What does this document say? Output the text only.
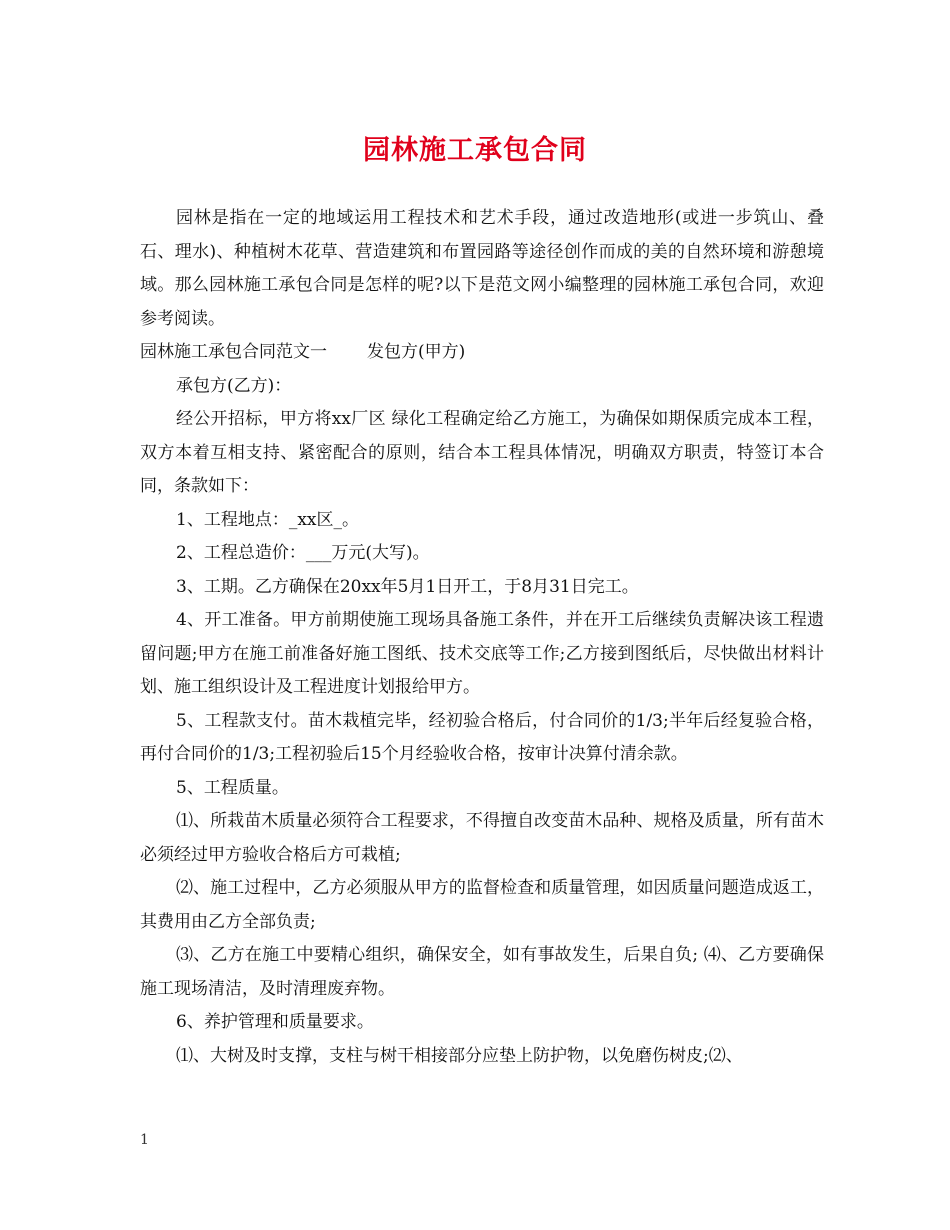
园林施工承包合同

园林是指在一定的地域运用工程技术和艺术手段，通过改造地形(或进一步筑山、叠石、理水)、种植树木花草、营造建筑和布置园路等途径创作而成的美的自然环境和游憩境域。那么园林施工承包合同是怎样的呢?以下是范文网小编整理的园林施工承包合同，欢迎参考阅读。

园林施工承包合同范文一 发包方(甲方)

承包方(乙方)：

经公开招标，甲方将xx厂区 绿化工程确定给乙方施工，为确保如期保质完成本工程，双方本着互相支持、紧密配合的原则，结合本工程具体情况，明确双方职责，特签订本合同，条款如下：

1、工程地点：_xx区_。

2、工程总造价：___万元(大写)。

3、工期。乙方确保在20xx年5月1日开工，于8月31日完工。

4、开工准备。甲方前期使施工现场具备施工条件，并在开工后继续负责解决该工程遗留问题;甲方在施工前准备好施工图纸、技术交底等工作;乙方接到图纸后，尽快做出材料计划、施工组织设计及工程进度计划报给甲方。

5、工程款支付。苗木栽植完毕，经初验合格后，付合同价的1/3;半年后经复验合格，再付合同价的1/3;工程初验后15个月经验收合格，按审计决算付清余款。

5、工程质量。

⑴、所栽苗木质量必须符合工程要求，不得擅自改变苗木品种、规格及质量，所有苗木必须经过甲方验收合格后方可栽植;

⑵、施工过程中，乙方必须服从甲方的监督检查和质量管理，如因质量问题造成返工，其费用由乙方全部负责;

⑶、乙方在施工中要精心组织，确保安全，如有事故发生，后果自负; ⑷、乙方要确保施工现场清洁，及时清理废弃物。

6、养护管理和质量要求。

⑴、大树及时支撑，支柱与树干相接部分应垫上防护物，以免磨伤树皮;⑵、

1
